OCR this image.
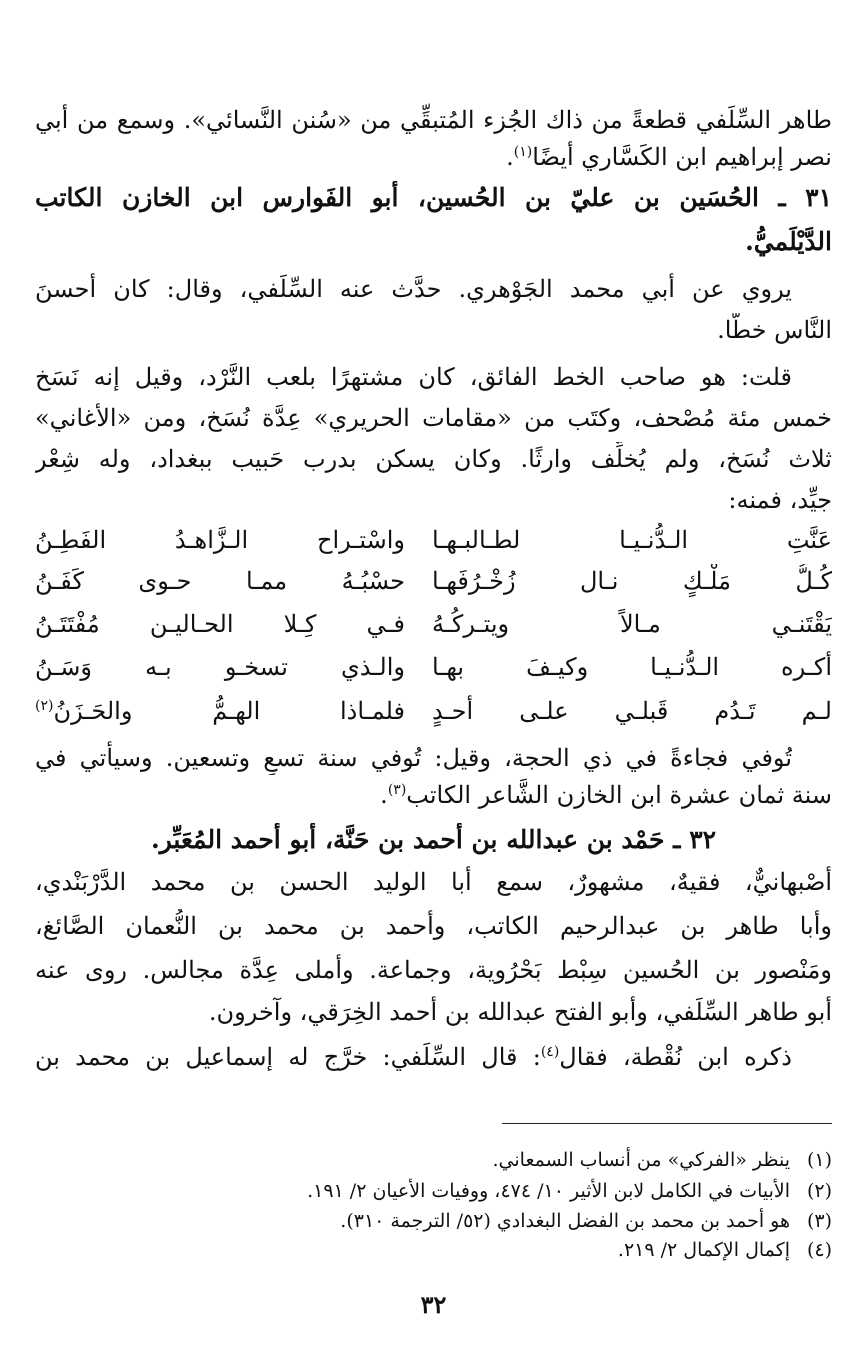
طاهر السِّلَفي قطعةً من ذاك الجُزء المُتبقِّي من «سُنن النَّسائي». وسمع من أبي
نصر إبراهيم ابن الكَسَّاري أيضًا$^{(١)}$.
٣١ ـ الحُسَين بن عليّ بن الحُسين، أبو الفَوارس ابن الخازن الكاتب
الدَّيْلَميُّ.
يروي عن أبي محمد الجَوْهري. حدَّث عنه السِّلَفي، وقال: كان أحسنَ
النَّاس خطًّا.
قلت: هو صاحب الخط الفائق، كان مشتهرًا بلعب النَّرْد، وقيل إنه نَسَخ
خمس مئة مُصْحف، وكتَب من «مقامات الحريري» عِدَّة نُسَخ، ومن «الأغاني»
ثلاث نُسَخ، ولم يُخلِّف وارثًا. وكان يسكن بدرب حَبيب ببغداد، وله شِعْر
جيِّد، فمنه:
عَنَّتِ الـدُّنـيـا لطـالبـهـا
واسْتـراح الـزَّاهـدُ الفَطِـنُ
كُـلُّ مَلْـكٍ نـال زُخْـرُفَهـا
حسْبُـهُ ممـا حـوى كَفَـنُ
يَقْتَنـي مـالاً ويتـركُـهُ
فـي كِـلا الحـاليـن مُفْتَتَـنُ
أكـره الـدُّنـيـا وكيـفَ بهـا
والـذي تسخـو بـه وَسَـنُ
لـم تَـدُم قَبلـي علـى أحـدٍ
فلمـاذا الهـمُّ والحَـزَنُ$^{(٢)}$
تُوفي فجاءةً في ذي الحجة، وقيل: تُوفي سنة تسعٍ وتسعين. وسيأتي في
سنة ثمان عشرة ابن الخازن الشَّاعر الكاتب$^{(٣)}$.
٣٢ ـ حَمْد بن عبدالله بن أحمد بن حَنَّة، أبو أحمد المُعَبِّر.
أصْبهانيٌّ، فقيهٌ، مشهورٌ، سمع أبا الوليد الحسن بن محمد الدَّرْبَنْدي،
وأبا طاهر بن عبدالرحيم الكاتب، وأحمد بن محمد بن النُّعمان الصَّائغ،
ومَنْصور بن الحُسين سِبْط بَحْرُوية، وجماعة. وأملى عِدَّة مجالس. روى عنه
أبو طاهر السِّلَفي، وأبو الفتح عبدالله بن أحمد الخِرَقي، وآخرون.
ذكره ابن نُقْطة، فقال$^{(٤)}$: قال السِّلَفي: خرَّج له إسماعيل بن محمد بن
(١)ينظر «الفركي» من أنساب السمعاني.
(٢)الأبيات في الكامل لابن الأثير ١٠/ ٤٧٤، ووفيات الأعيان ٢/ ١٩١.
(٣)هو أحمد بن محمد بن الفضل البغدادي (٥٢/ الترجمة ٣١٠).
(٤)إكمال الإكمال ٢/ ٢١٩.
٣٢
